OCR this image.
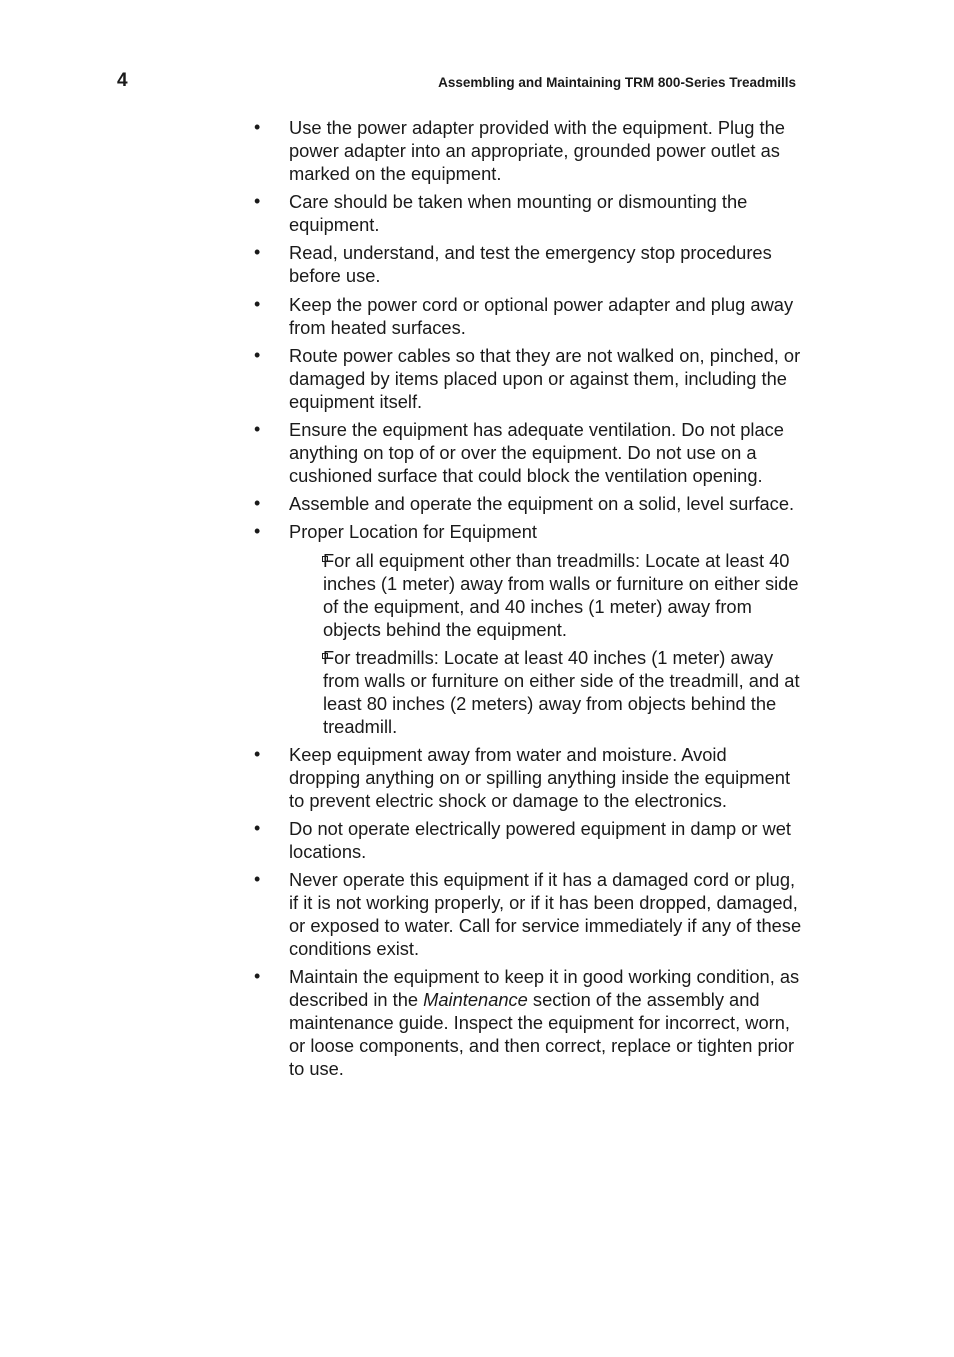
4	Assembling and Maintaining TRM 800-Series Treadmills
•	Use the power adapter provided with the equipment. Plug the power adapter into an appropriate, grounded power outlet as marked on the equipment.
•	Care should be taken when mounting or dismounting the equipment.
•	Read, understand, and test the emergency stop procedures before use.
•	Keep the power cord or optional power adapter and plug away from heated surfaces.
•	Route power cables so that they are not walked on, pinched, or damaged by items placed upon or against them, including the equipment itself.
•	Ensure the equipment has adequate ventilation. Do not place anything on top of or over the equipment. Do not use on a cushioned surface that could block the ventilation opening.
•	Assemble and operate the equipment on a solid, level surface.
•	Proper Location for Equipment
For all equipment other than treadmills: Locate at least 40 inches (1 meter) away from walls or furniture on either side of the equipment, and 40 inches (1 meter) away from objects behind the equipment.
For treadmills: Locate at least 40 inches (1 meter) away from walls or furniture on either side of the treadmill, and at least 80 inches (2 meters) away from objects behind the treadmill.
•	Keep equipment away from water and moisture. Avoid dropping anything on or spilling anything inside the equipment to prevent electric shock or damage to the electronics.
•	Do not operate electrically powered equipment in damp or wet locations.
•	Never operate this equipment if it has a damaged cord or plug, if it is not working properly, or if it has been dropped, damaged, or exposed to water. Call for service immediately if any of these conditions exist.
•	Maintain the equipment to keep it in good working condition, as described in the Maintenance section of the assembly and maintenance guide. Inspect the equipment for incorrect, worn, or loose components, and then correct, replace or tighten prior to use.
